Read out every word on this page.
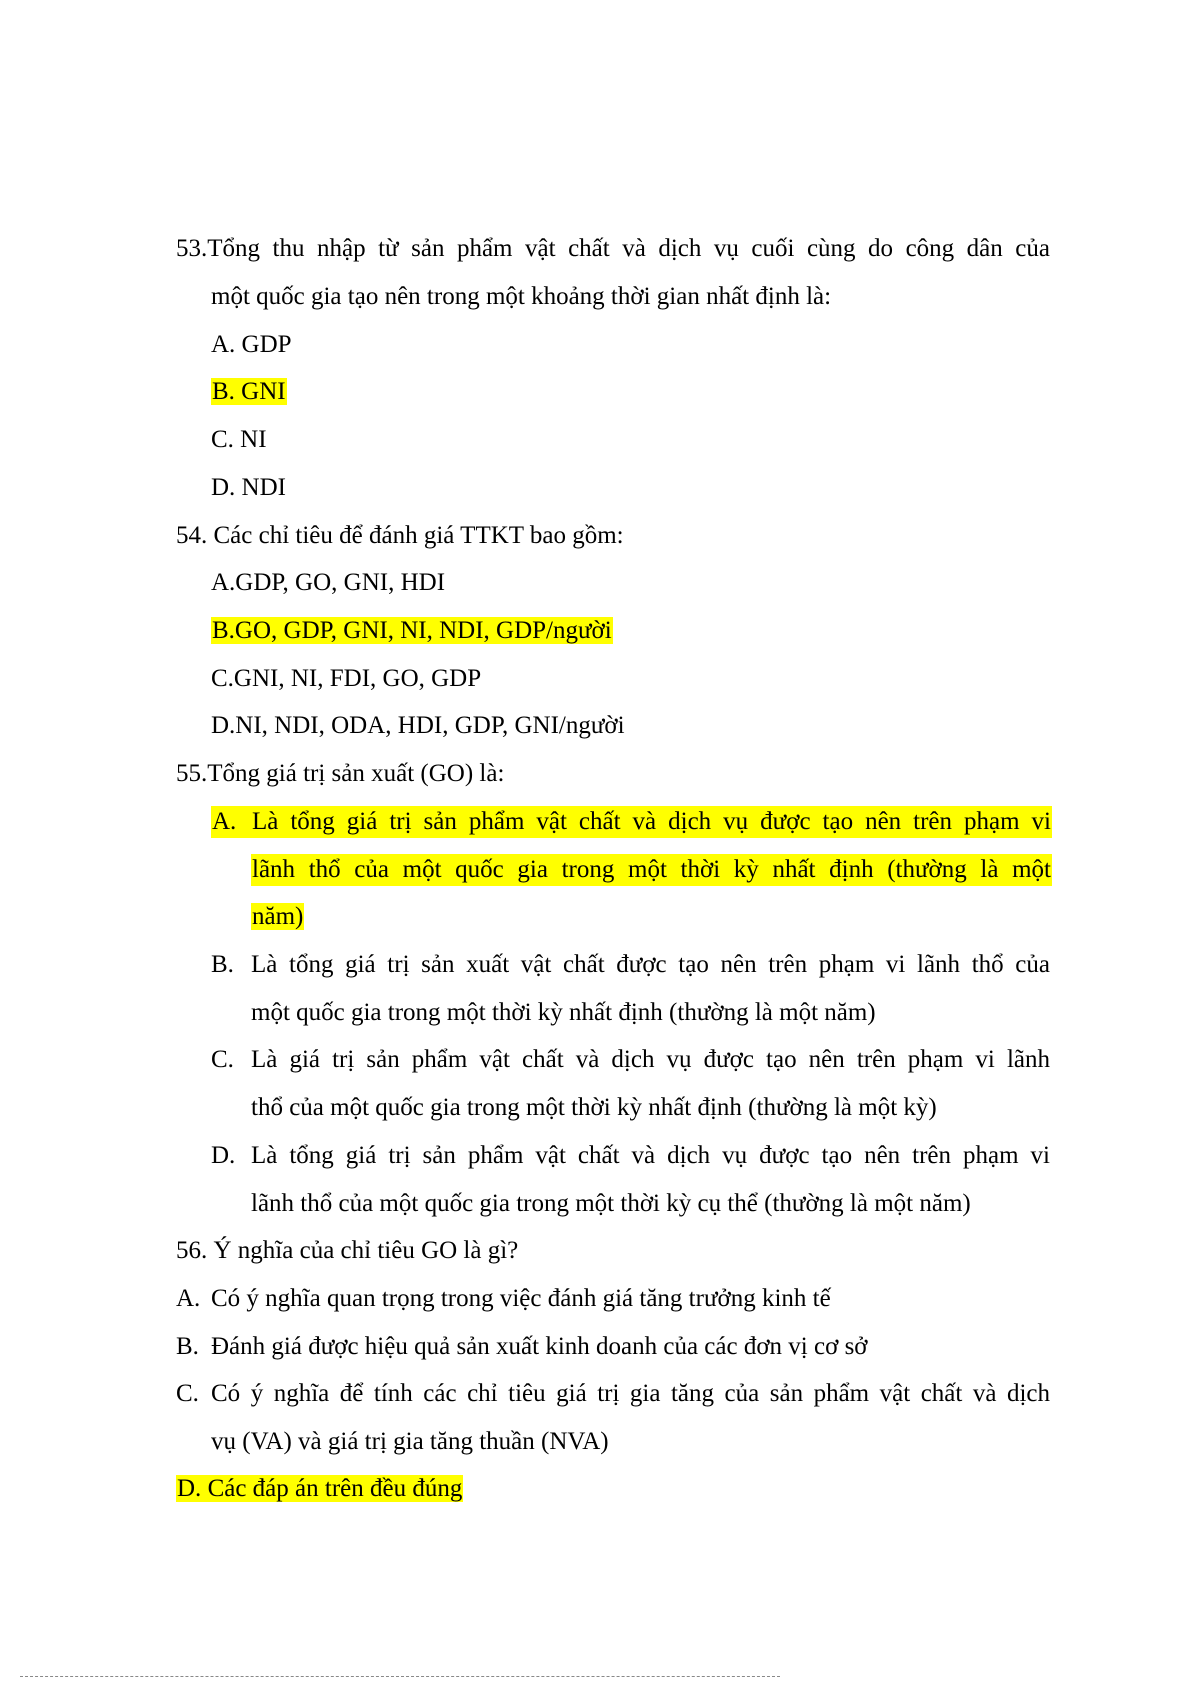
53.Tổng thu nhập từ sản phẩm vật chất và dịch vụ cuối cùng do công dân của
một quốc gia tạo nên trong một khoảng thời gian nhất định là:
A. GDP
B. GNI
C. NI
D. NDI
54. Các chỉ tiêu để đánh giá TTKT bao gồm:
A.GDP, GO, GNI, HDI
B.GO, GDP, GNI, NI, NDI, GDP/người
C.GNI, NI, FDI, GO, GDP
D.NI, NDI, ODA, HDI, GDP, GNI/người
55.Tổng giá trị sản xuất (GO) là:
A. Là tổng giá trị sản phẩm vật chất và dịch vụ được tạo nên trên phạm vi
lãnh thổ của một quốc gia trong một thời kỳ nhất định (thường là một
năm)
B. Là tổng giá trị sản xuất vật chất được tạo nên trên phạm vi lãnh thổ của
một quốc gia trong một thời kỳ nhất định (thường là một năm)
C. Là giá trị sản phẩm vật chất và dịch vụ được tạo nên trên phạm vi lãnh
thổ của một quốc gia trong một thời kỳ nhất định (thường là một kỳ)
D. Là tổng giá trị sản phẩm vật chất và dịch vụ được tạo nên trên phạm vi
lãnh thổ của một quốc gia trong một thời kỳ cụ thể (thường là một năm)
56. Ý nghĩa của chỉ tiêu GO là gì?
A. Có ý nghĩa quan trọng trong việc đánh giá tăng trưởng kinh tế
B. Đánh giá được hiệu quả sản xuất kinh doanh của các đơn vị cơ sở
C. Có ý nghĩa để tính các chỉ tiêu giá trị gia tăng của sản phẩm vật chất và dịch
vụ (VA) và giá trị gia tăng thuần (NVA)
D. Các đáp án trên đều đúng
